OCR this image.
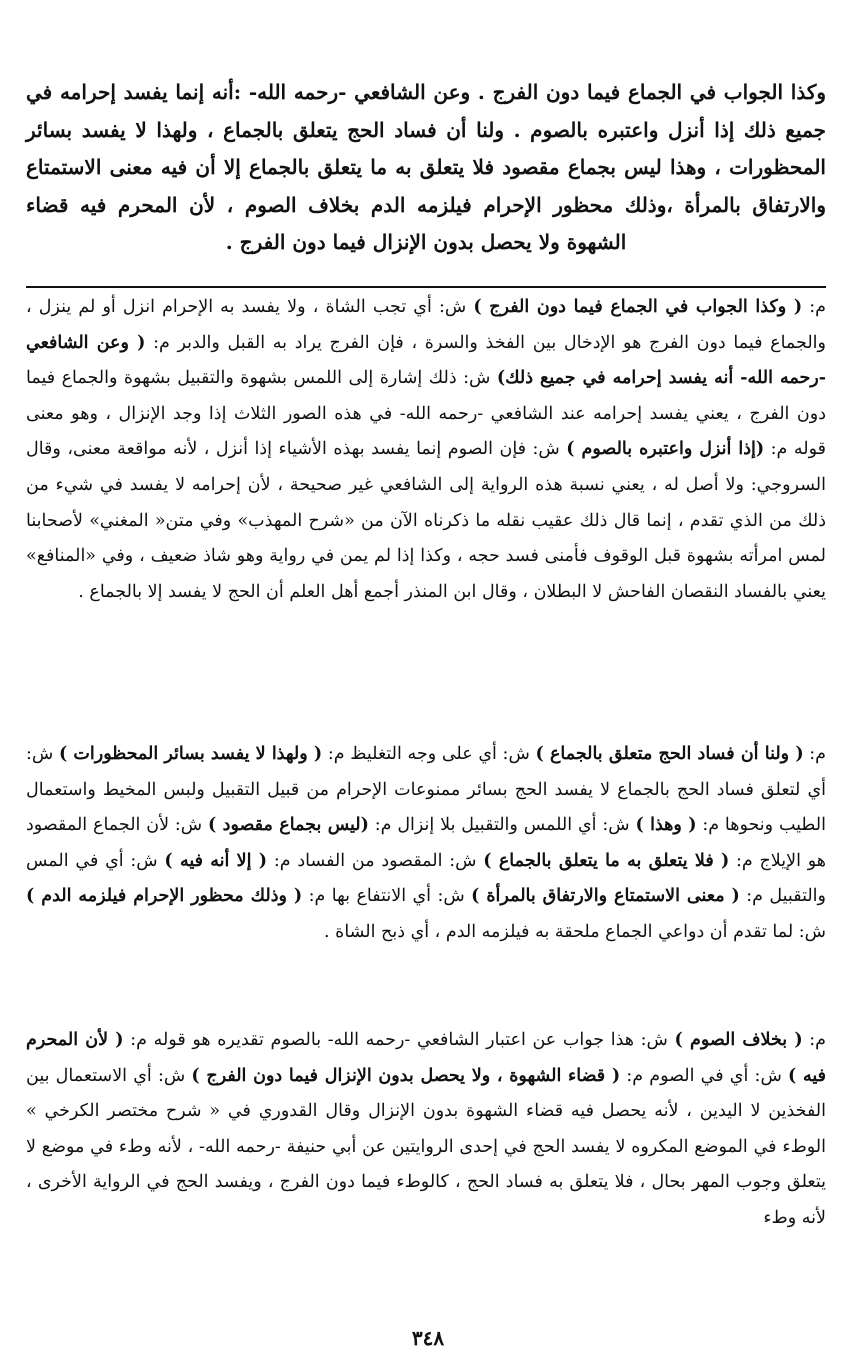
وكذا الجواب في الجماع فيما دون الفرج . وعن الشافعي -رحمه الله- :أنه إنما يفسد إحرامه في جميع ذلك إذا أنزل واعتبره بالصوم . ولنا أن فساد الحج يتعلق بالجماع ، ولهذا لا يفسد بسائر المحظورات ، وهذا ليس بجماع مقصود فلا يتعلق به ما يتعلق بالجماع إلا أن فيه معنى الاستمتاع والارتفاق بالمرأة ،وذلك محظور الإحرام فيلزمه الدم بخلاف الصوم ، لأن المحرم فيه قضاء الشهوة ولا يحصل بدون الإنزال فيما دون الفرج .

م: ( وكذا الجواب في الجماع فيما دون الفرج ) ش: أي تجب الشاة ، ولا يفسد به الإحرام انزل أو لم ينزل ، والجماع فيما دون الفرج هو الإدخال بين الفخذ والسرة ، فإن الفرج يراد به القبل والدبر م: ( وعن الشافعي -رحمه الله- أنه يفسد إحرامه في جميع ذلك) ش: ذلك إشارة إلى اللمس بشهوة والتقبيل بشهوة والجماع فيما دون الفرج ، يعني يفسد إحرامه عند الشافعي -رحمه الله- في هذه الصور الثلاث إذا وجد الإنزال ، وهو معنى قوله م: (إذا أنزل واعتبره بالصوم ) ش: فإن الصوم إنما يفسد بهذه الأشياء إذا أنزل ، لأنه مواقعة معنى، وقال السروجي: ولا أصل له ، يعني نسبة هذه الرواية إلى الشافعي غير صحيحة ، لأن إحرامه لا يفسد في شيء من ذلك من الذي تقدم ، إنما قال ذلك عقيب نقله ما ذكرناه الآن من «شرح المهذب» وفي متن« المغني» لأصحابنا لمس امرأته بشهوة قبل الوقوف فأمنى فسد حجه ، وكذا إذا لم يمن في رواية وهو شاذ ضعيف ، وفي «المنافع» يعني بالفساد النقصان الفاحش لا البطلان ، وقال ابن المنذر أجمع أهل العلم أن الحج لا يفسد إلا بالجماع .

م: ( ولنا أن فساد الحج متعلق بالجماع ) ش: أي على وجه التغليظ م: ( ولهذا لا يفسد بسائر المحظورات ) ش: أي لتعلق فساد الحج بالجماع لا يفسد الحج بسائر ممنوعات الإحرام من قبيل التقبيل ولبس المخيط واستعمال الطيب ونحوها م: ( وهذا ) ش: أي اللمس والتقبيل بلا إنزال م: (ليس بجماع مقصود ) ش: لأن الجماع المقصود هو الإيلاج م: ( فلا يتعلق به ما يتعلق بالجماع ) ش: المقصود من الفساد م: ( إلا أنه فيه ) ش: أي في المس والتقبيل م: ( معنى الاستمتاع والارتفاق بالمرأة ) ش: أي الانتفاع بها م: ( وذلك محظور الإحرام فيلزمه الدم ) ش: لما تقدم أن دواعي الجماع ملحقة به فيلزمه الدم ، أي ذبح الشاة .

م: ( بخلاف الصوم ) ش: هذا جواب عن اعتبار الشافعي -رحمه الله- بالصوم تقديره هو قوله م: ( لأن المحرم فيه ) ش: أي في الصوم م: ( قضاء الشهوة ، ولا يحصل بدون الإنزال فيما دون الفرج ) ش: أي الاستعمال بين الفخذين لا اليدين ، لأنه يحصل فيه قضاء الشهوة بدون الإنزال وقال القدوري في « شرح مختصر الكرخي » الوطء في الموضع المكروه لا يفسد الحج في إحدى الروايتين عن أبي حنيفة -رحمه الله- ، لأنه وطء في موضع لا يتعلق وجوب المهر بحال ، فلا يتعلق به فساد الحج ، كالوطء فيما دون الفرج ، ويفسد الحج في الرواية الأخرى ، لأنه وطء

٣٤٨
